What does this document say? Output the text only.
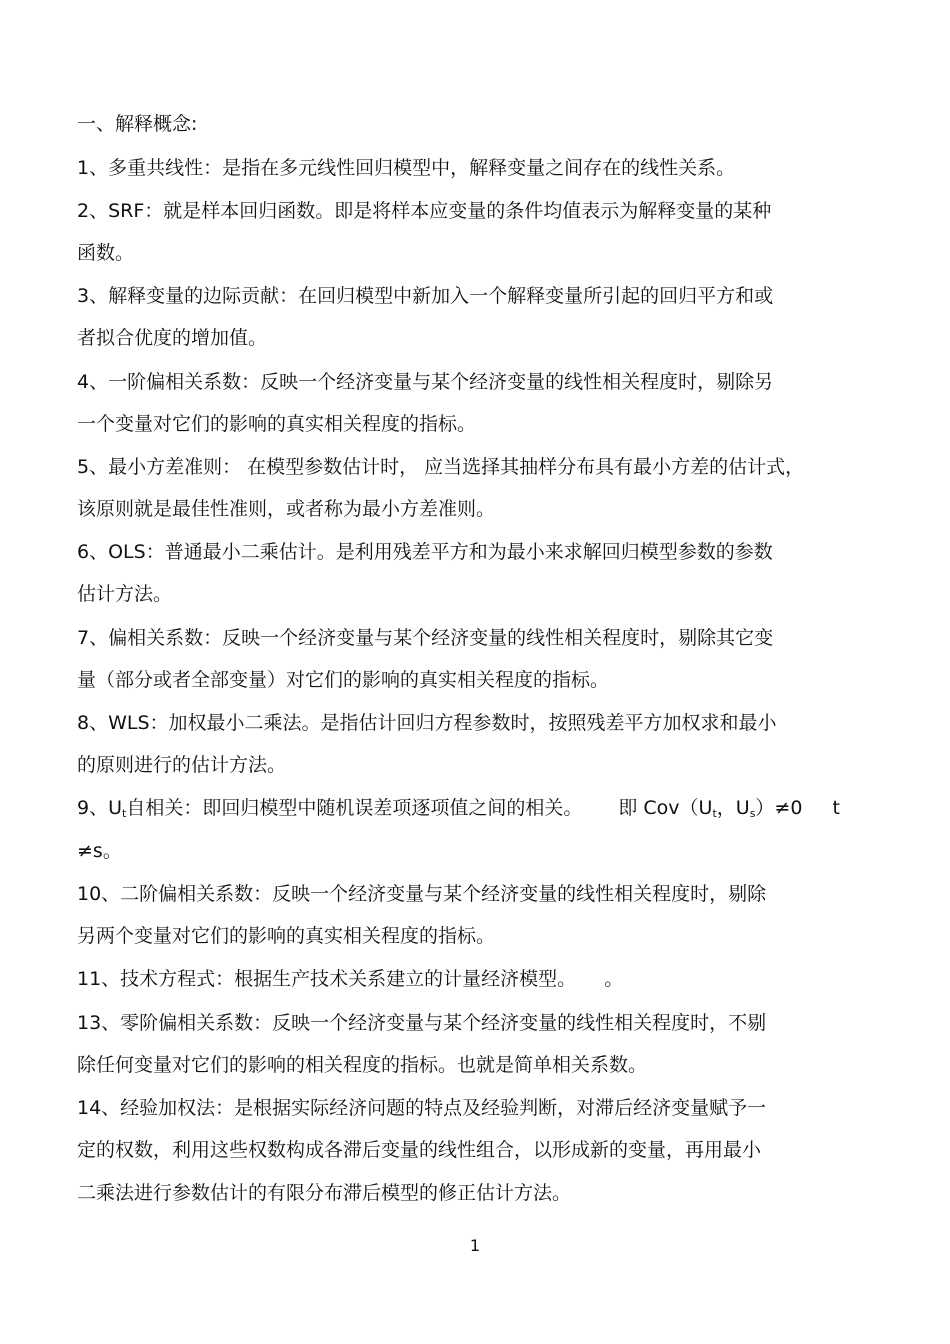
一、解释概念:
1、多重共线性：是指在多元线性回归模型中，解释变量之间存在的线性关系。
2、SRF：就是样本回归函数。即是将样本应变量的条件均值表示为解释变量的某种
函数。
3、解释变量的边际贡献：在回归模型中新加入一个解释变量所引起的回归平方和或
者拟合优度的增加值。
4、一阶偏相关系数：反映一个经济变量与某个经济变量的线性相关程度时，剔除另
一个变量对它们的影响的真实相关程度的指标。
5、最小方差准则： 在模型参数估计时， 应当选择其抽样分布具有最小方差的估计式，
该原则就是最佳性准则，或者称为最小方差准则。
6、OLS：普通最小二乘估计。是利用残差平方和为最小来求解回归模型参数的参数
估计方法。
7、偏相关系数：反映一个经济变量与某个经济变量的线性相关程度时，剔除其它变
量（部分或者全部变量）对它们的影响的真实相关程度的指标。
8、WLS：加权最小二乘法。是指估计回归方程参数时，按照残差平方加权求和最小
的原则进行的估计方法。
9、$U_t$自相关：即回归模型中随机误差项逐项值之间的相关。 即 $Cov(U_t$，$U_s)\ne 0$ t
≠s。
10、二阶偏相关系数：反映一个经济变量与某个经济变量的线性相关程度时，剔除
另两个变量对它们的影响的真实相关程度的指标。
11、技术方程式：根据生产技术关系建立的计量经济模型。 。
13、零阶偏相关系数：反映一个经济变量与某个经济变量的线性相关程度时，不剔
除任何变量对它们的影响的相关程度的指标。也就是简单相关系数。
14、经验加权法：是根据实际经济问题的特点及经验判断，对滞后经济变量赋予一
定的权数，利用这些权数构成各滞后变量的线性组合，以形成新的变量，再用最小
二乘法进行参数估计的有限分布滞后模型的修正估计方法。
1
